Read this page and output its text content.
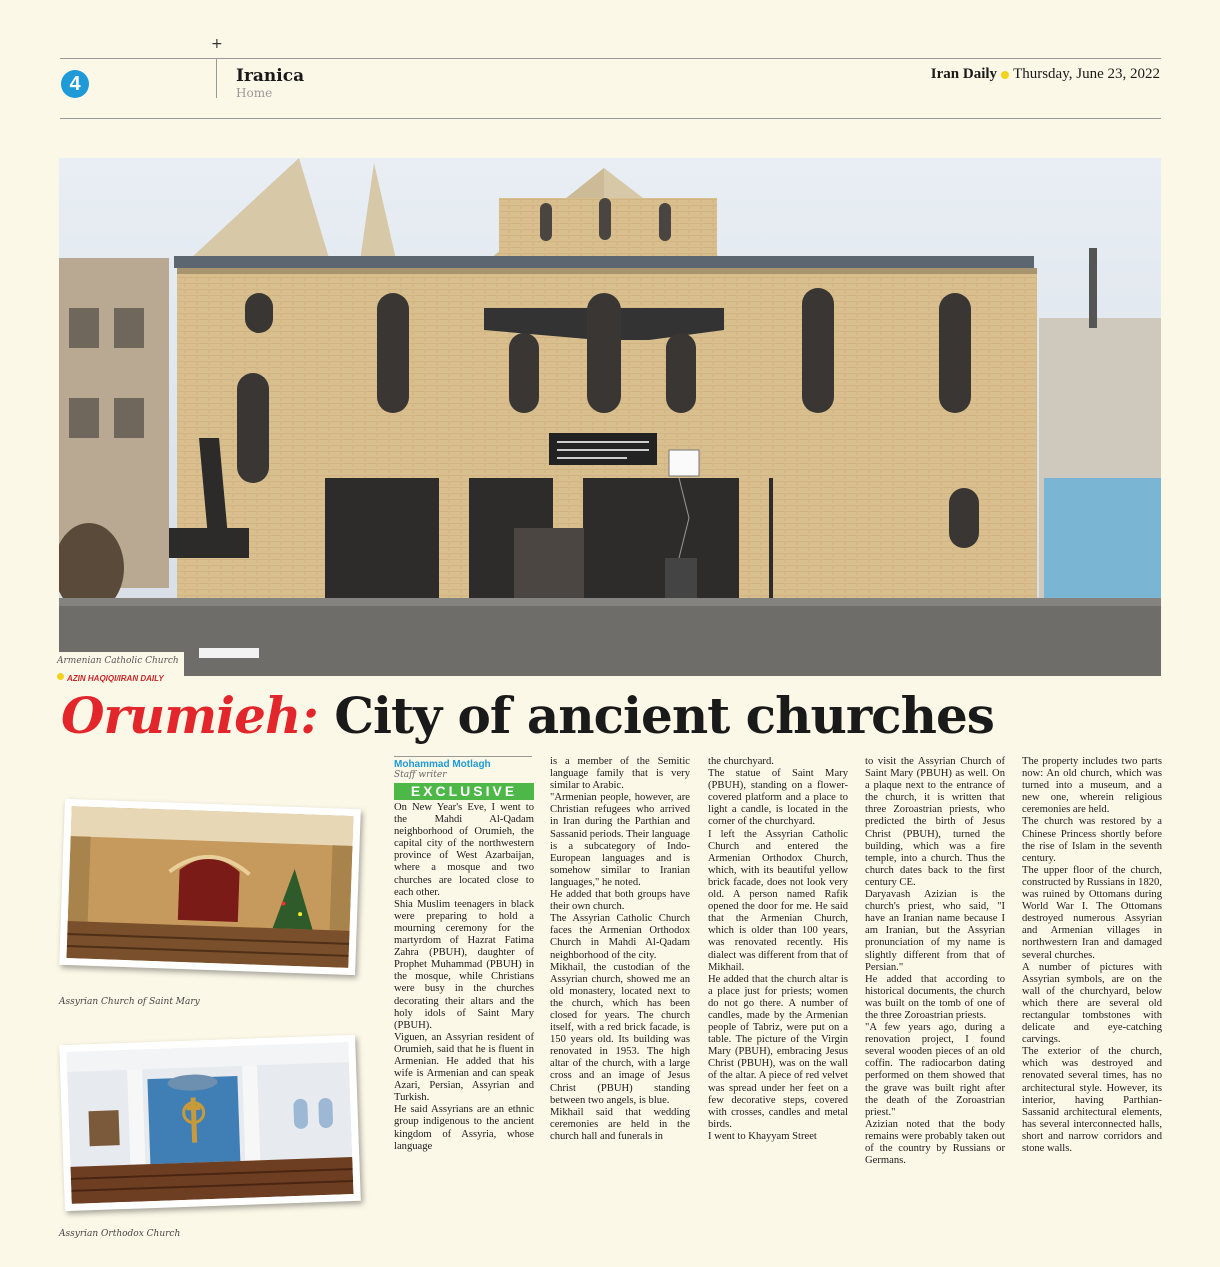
+
4	Iranica
Home
Iran Daily Thursday, June 23, 2022
Armenian Catholic Church
AZIN HAQIQI/IRAN DAILY
Orumieh: City of ancient churches
Assyrian Church of Saint Mary
Assyrian Orthodox Church
Mohammad Motlagh
Staff writer
EXCLUSIVE

On New Year's Eve, I went to the Mahdi Al-Qadam neighborhood of Orumieh, the capital city of the northwestern province of West Azarbaijan, where a mosque and two churches are located close to each other.

Shia Muslim teenagers in black were preparing to hold a mourning ceremony for the martyrdom of Hazrat Fatima Zahra (PBUH), daughter of Prophet Muhammad (PBUH) in the mosque, while Christians were busy in the churches decorating their altars and the holy idols of Saint Mary (PBUH).

Viguen, an Assyrian resident of Orumieh, said that he is fluent in Armenian. He added that his wife is Armenian and can speak Azari, Persian, Assyrian and Turkish.

He said Assyrians are an ethnic group indigenous to the ancient kingdom of Assyria, whose language

is a member of the Semitic language family that is very similar to Arabic.

"Armenian people, however, are Christian refugees who arrived in Iran during the Parthian and Sassanid periods. Their language is a subcategory of Indo-European languages and is somehow similar to Iranian languages," he noted.

He added that both groups have their own church.

The Assyrian Catholic Church faces the Armenian Orthodox Church in Mahdi Al-Qadam neighborhood of the city.

Mikhail, the custodian of the Assyrian church, showed me an old monastery, located next to the church, which has been closed for years. The church itself, with a red brick facade, is 150 years old. Its building was renovated in 1953. The high altar of the church, with a large cross and an image of Jesus Christ (PBUH) standing between two angels, is blue.

Mikhail said that wedding ceremonies are held in the church hall and funerals in

the churchyard.

The statue of Saint Mary (PBUH), standing on a flower-covered platform and a place to light a candle, is located in the corner of the churchyard.

I left the Assyrian Catholic Church and entered the Armenian Orthodox Church, which, with its beautiful yellow brick facade, does not look very old. A person named Rafik opened the door for me. He said that the Armenian Church, which is older than 100 years, was renovated recently. His dialect was different from that of Mikhail.

He added that the church altar is a place just for priests; women do not go there. A number of candles, made by the Armenian people of Tabriz, were put on a table. The picture of the Virgin Mary (PBUH), embracing Jesus Christ (PBUH), was on the wall of the altar. A piece of red velvet was spread under her feet on a few decorative steps, covered with crosses, candles and metal birds.

I went to Khayyam Street

to visit the Assyrian Church of Saint Mary (PBUH) as well. On a plaque next to the entrance of the church, it is written that three Zoroastrian priests, who predicted the birth of Jesus Christ (PBUH), turned the building, which was a fire temple, into a church. Thus the church dates back to the first century CE.

Daryavash Azizian is the church's priest, who said, "I have an Iranian name because I am Iranian, but the Assyrian pronunciation of my name is slightly different from that of Persian."

He added that according to historical documents, the church was built on the tomb of one of the three Zoroastrian priests.

"A few years ago, during a renovation project, I found several wooden pieces of an old coffin. The radiocarbon dating performed on them showed that the grave was built right after the death of the Zoroastrian priest."

Azizian noted that the body remains were probably taken out of the country by Russians or Germans.

The property includes two parts now: An old church, which was turned into a museum, and a new one, wherein religious ceremonies are held.

The church was restored by a Chinese Princess shortly before the rise of Islam in the seventh century.

The upper floor of the church, constructed by Russians in 1820, was ruined by Ottomans during World War I. The Ottomans destroyed numerous Assyrian and Armenian villages in northwestern Iran and damaged several churches.

A number of pictures with Assyrian symbols, are on the wall of the churchyard, below which there are several old rectangular tombstones with delicate and eye-catching carvings.

The exterior of the church, which was destroyed and renovated several times, has no architectural style. However, its interior, having Parthian-Sassanid architectural elements, has several interconnected halls, short and narrow corridors and stone walls.
